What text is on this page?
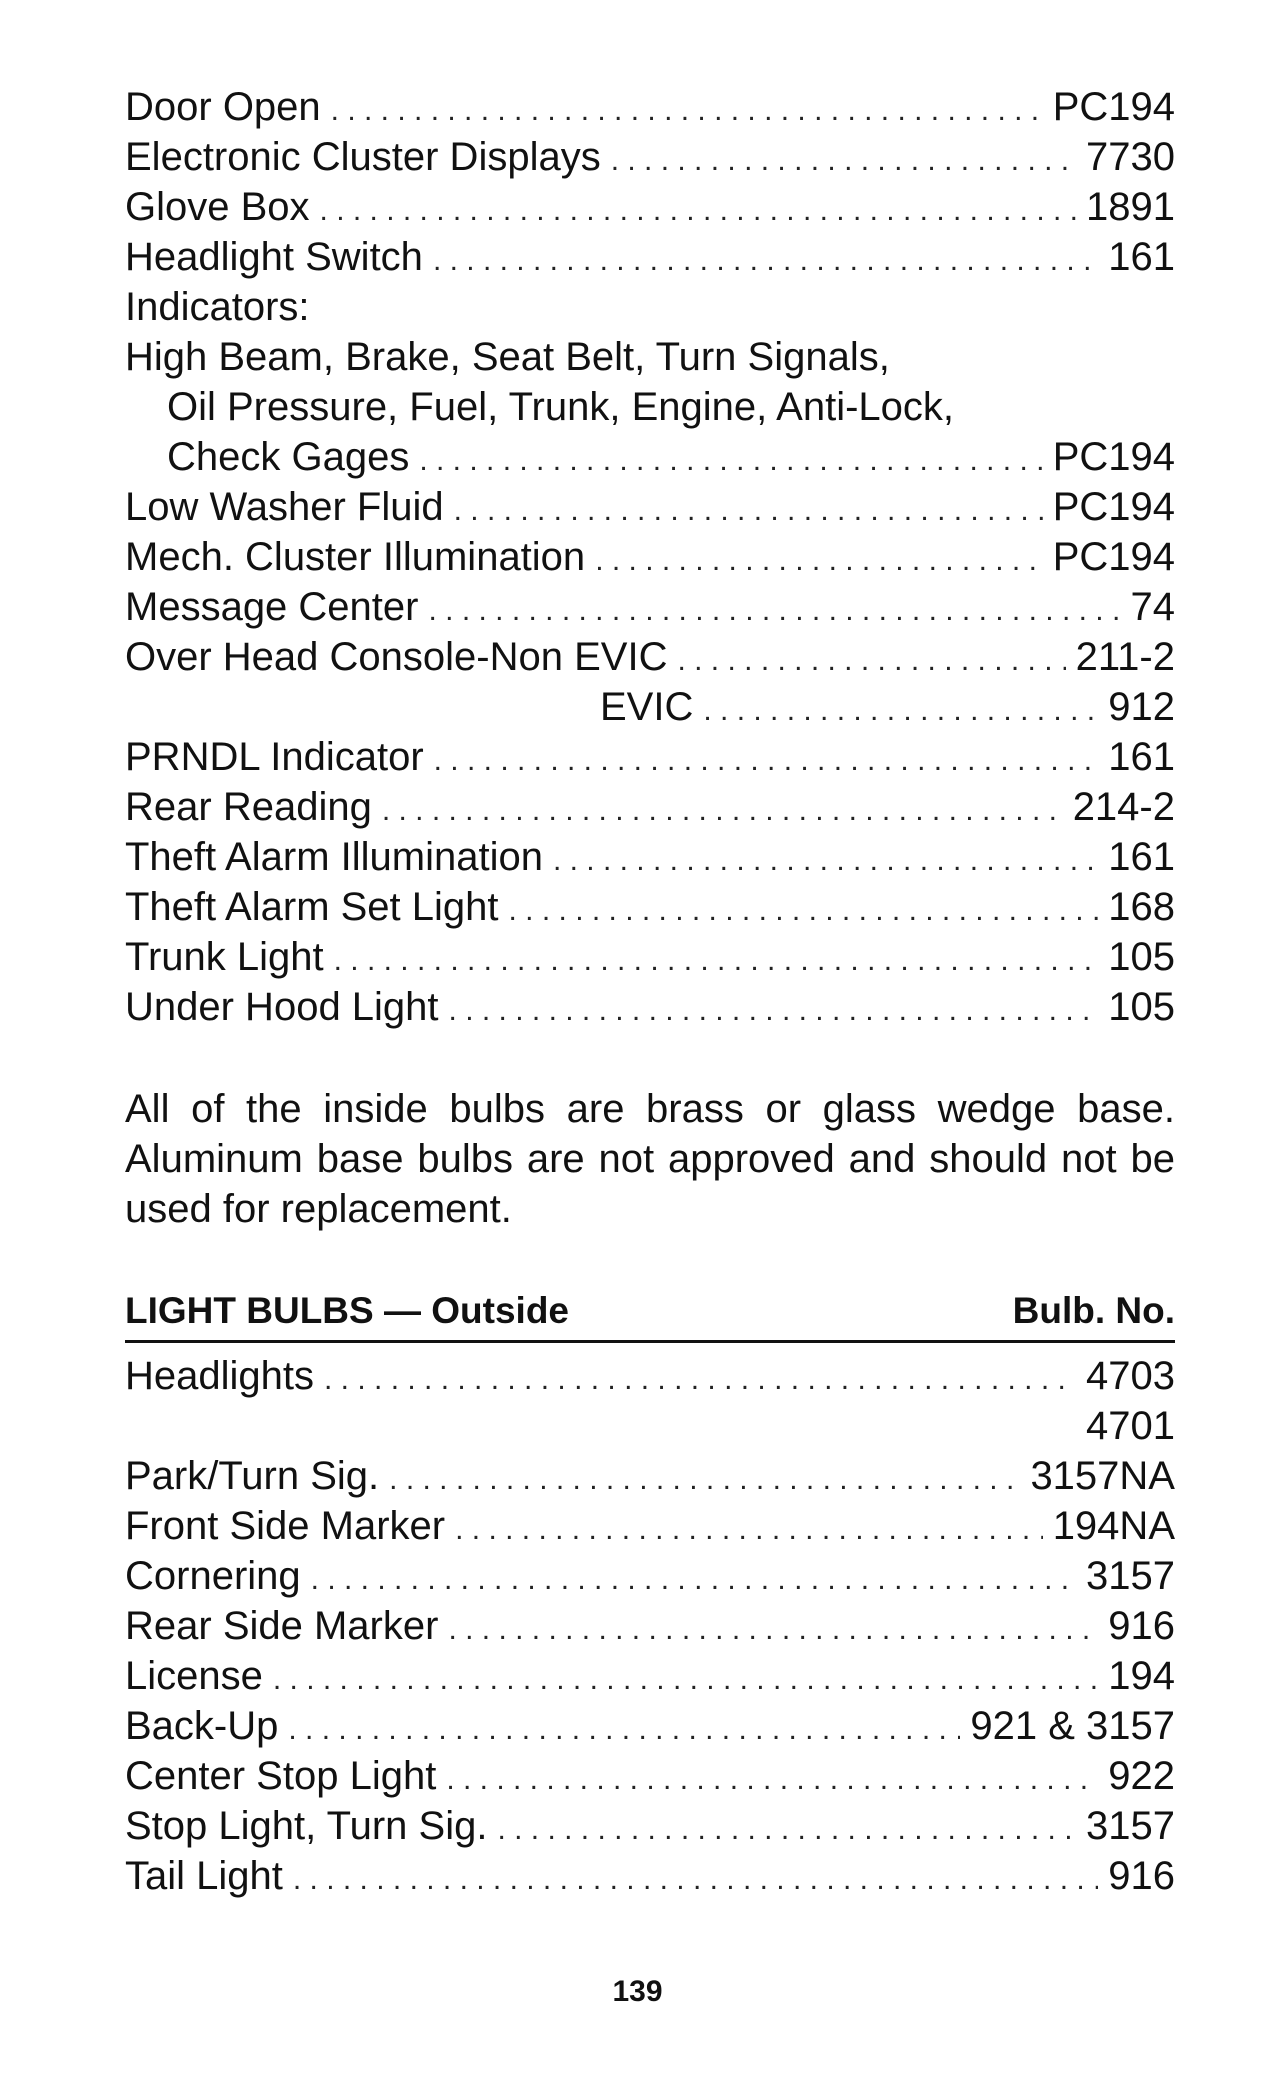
Door Open . . .	PC194
Electronic Cluster Displays . . .	7730
Glove Box . . .	1891
Headlight Switch . . .	161
Indicators:
High Beam, Brake, Seat Belt, Turn Signals,
Oil Pressure, Fuel, Trunk, Engine, Anti-Lock,
Check Gages . . .	PC194
Low Washer Fluid . . .	PC194
Mech. Cluster Illumination . . .	PC194
Message Center . . .	74
Over Head Console-Non EVIC . . .	211-2
EVIC . . .	912
PRNDL Indicator . . .	161
Rear Reading . . .	214-2
Theft Alarm Illumination . . .	161
Theft Alarm Set Light . . .	168
Trunk Light . . .	105
Under Hood Light . . .	105

All of the inside bulbs are brass or glass wedge base. Aluminum base bulbs are not approved and should not be used for replacement.

LIGHT BULBS — Outside	Bulb. No.
Headlights . . .	4703
4701
Park/Turn Sig. . . .	3157NA
Front Side Marker . . .	194NA
Cornering . . .	3157
Rear Side Marker . . .	916
License . . .	194
Back-Up . . .	921 & 3157
Center Stop Light . . .	922
Stop Light, Turn Sig. . . .	3157
Tail Light . . .	916
139
